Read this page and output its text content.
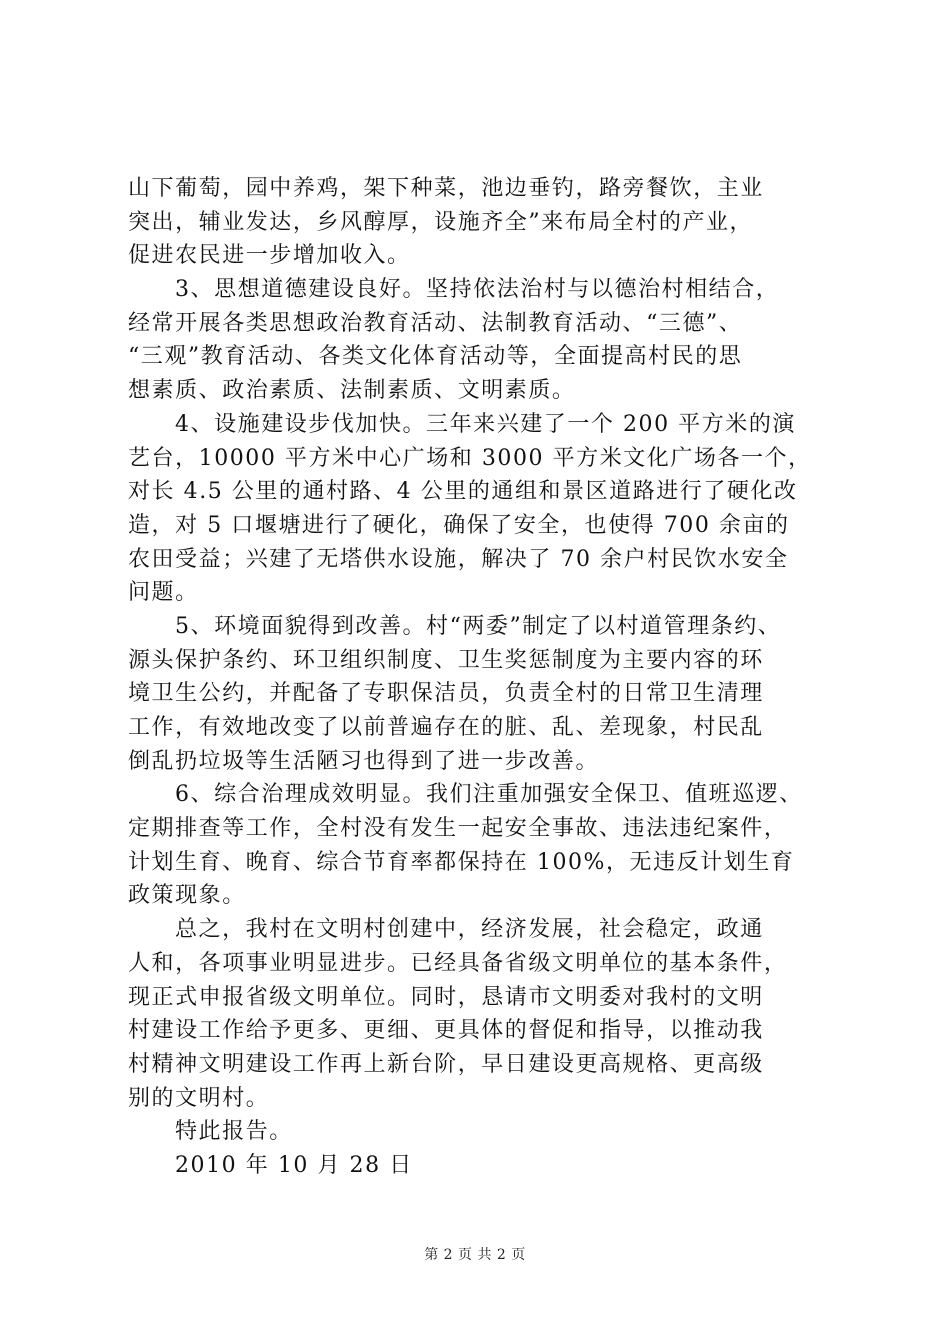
山下葡萄，园中养鸡，架下种菜，池边垂钓，路旁餐饮，主业
突出，辅业发达，乡风醇厚，设施齐全”来布局全村的产业，
促进农民进一步增加收入。
3、思想道德建设良好。坚持依法治村与以德治村相结合，
经常开展各类思想政治教育活动、法制教育活动、“三德”、
“三观”教育活动、各类文化体育活动等，全面提高村民的思
想素质、政治素质、法制素质、文明素质。
4、设施建设步伐加快。三年来兴建了一个 200 平方米的演
艺台，10000 平方米中心广场和 3000 平方米文化广场各一个，
对长 4.5 公里的通村路、4 公里的通组和景区道路进行了硬化改
造，对 5 口堰塘进行了硬化，确保了安全，也使得 700 余亩的
农田受益；兴建了无塔供水设施，解决了 70 余户村民饮水安全
问题。
5、环境面貌得到改善。村“两委”制定了以村道管理条约、
源头保护条约、环卫组织制度、卫生奖惩制度为主要内容的环
境卫生公约，并配备了专职保洁员，负责全村的日常卫生清理
工作，有效地改变了以前普遍存在的脏、乱、差现象，村民乱
倒乱扔垃圾等生活陋习也得到了进一步改善。
6、综合治理成效明显。我们注重加强安全保卫、值班巡逻、
定期排查等工作，全村没有发生一起安全事故、违法违纪案件，
计划生育、晚育、综合节育率都保持在 100%，无违反计划生育
政策现象。
总之，我村在文明村创建中，经济发展，社会稳定，政通
人和，各项事业明显进步。已经具备省级文明单位的基本条件，
现正式申报省级文明单位。同时，恳请市文明委对我村的文明
村建设工作给予更多、更细、更具体的督促和指导，以推动我
村精神文明建设工作再上新台阶，早日建设更高规格、更高级
别的文明村。
特此报告。
2010 年 10 月 28 日
第 2 页 共 2 页
